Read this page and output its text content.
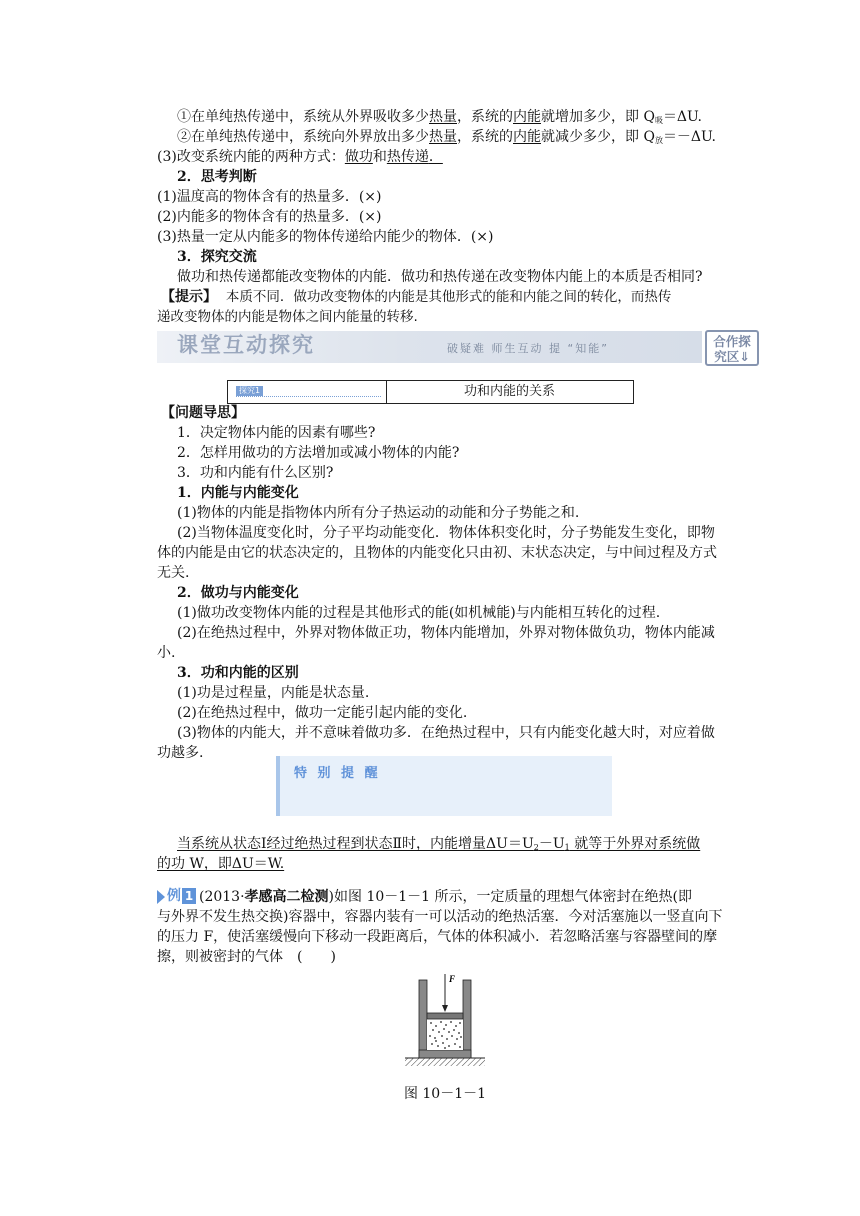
①在单纯热传递中，系统从外界吸收多少热量，系统的内能就增加多少，即 $Q_吸=\Delta U$.
②在单纯热传递中，系统向外界放出多少热量，系统的内能就减少多少，即 $Q_放=-\Delta U$.
(3)改变系统内能的两种方式：做功和热传递．
2．思考判断
(1)温度高的物体含有的热量多．(×)
(2)内能多的物体含有的热量多．(×)
(3)热量一定从内能多的物体传递给内能少的物体．(×)
3．探究交流
做功和热传递都能改变物体的内能．做功和热传递在改变物体内能上的本质是否相同?
【提示】 本质不同．做功改变物体的内能是其他形式的能和内能之间的转化，而热传
递改变物体的内能是物体之间内能量的转移.
课堂互动探究	破疑难 师生互动 提 “知能”	合作探
究区⇓
探究1	功和内能的关系
【问题导思】
1．决定物体内能的因素有哪些?
2．怎样用做功的方法增加或减小物体的内能?
3．功和内能有什么区别?
1．内能与内能变化
(1)物体的内能是指物体内所有分子热运动的动能和分子势能之和.
(2)当物体温度变化时，分子平均动能变化．物体体积变化时，分子势能发生变化，即物
体的内能是由它的状态决定的，且物体的内能变化只由初、末状态决定，与中间过程及方式
无关.
2．做功与内能变化
(1)做功改变物体内能的过程是其他形式的能(如机械能)与内能相互转化的过程.
(2)在绝热过程中，外界对物体做正功，物体内能增加，外界对物体做负功，物体内能减
小.
3．功和内能的区别
(1)功是过程量，内能是状态量.
(2)在绝热过程中，做功一定能引起内能的变化.
(3)物体的内能大，并不意味着做功多．在绝热过程中，只有内能变化越大时，对应着做
功越多.
特 别 提 醒
当系统从状态Ⅰ经过绝热过程到状态Ⅱ时，内能增量$\Delta U=U_2-U_1$ 就等于外界对系统做
的功 W，即ΔU＝W.
例 1 (2013·孝感高二检测)如图 10－1－1 所示，一定质量的理想气体密封在绝热(即
与外界不发生热交换)容器中，容器内装有一可以活动的绝热活塞．今对活塞施以一竖直向下
的压力 F，使活塞缓慢向下移动一段距离后，气体的体积减小．若忽略活塞与容器壁间的摩
擦，则被密封的气体　(　　)
F
图 10－1－1
